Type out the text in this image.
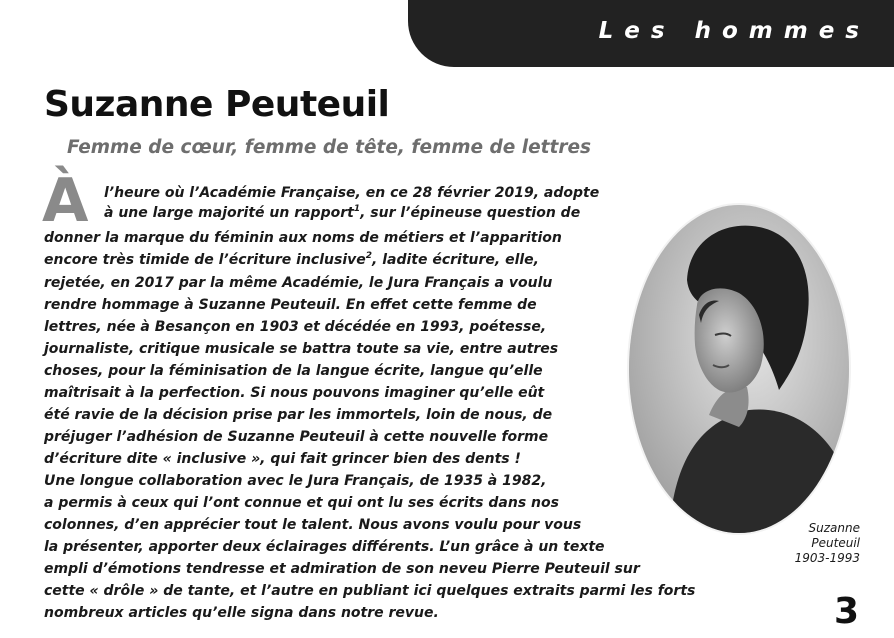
Les hommes
Suzanne Peuteuil
Femme de cœur, femme de tête, femme de lettres
À l’heure où l’Académie Française, en ce 28 février 2019, adopte

à une large majorité un rapport$^1$, sur l’épineuse question de

donner la marque du féminin aux noms de métiers et l’apparition

encore très timide de l’écriture inclusive$^2$, ladite écriture, elle,

rejetée, en 2017 par la même Académie, le Jura Français a voulu

rendre hommage à Suzanne Peuteuil. En effet cette femme de

lettres, née à Besançon en 1903 et décédée en 1993, poétesse,

journaliste, critique musicale se battra toute sa vie, entre autres

choses, pour la féminisation de la langue écrite, langue qu’elle

maîtrisait à la perfection. Si nous pouvons imaginer qu’elle eût

été ravie de la décision prise par les immortels, loin de nous, de

préjuger l’adhésion de Suzanne Peuteuil à cette nouvelle forme

d’écriture dite « inclusive », qui fait grincer bien des dents !

Une longue collaboration avec le Jura Français, de 1935 à 1982,

a permis à ceux qui l’ont connue et qui ont lu ses écrits dans nos

colonnes, d’en apprécier tout le talent. Nous avons voulu pour vous

la présenter, apporter deux éclairages différents. L’un grâce à un texte

empli d’émotions tendresse et admiration de son neveu Pierre Peuteuil sur

cette « drôle » de tante, et l’autre en publiant ici quelques extraits parmi les forts

nombreux articles qu’elle signa dans notre revue.

Suzanne
Peuteuil
1903-1993
3
